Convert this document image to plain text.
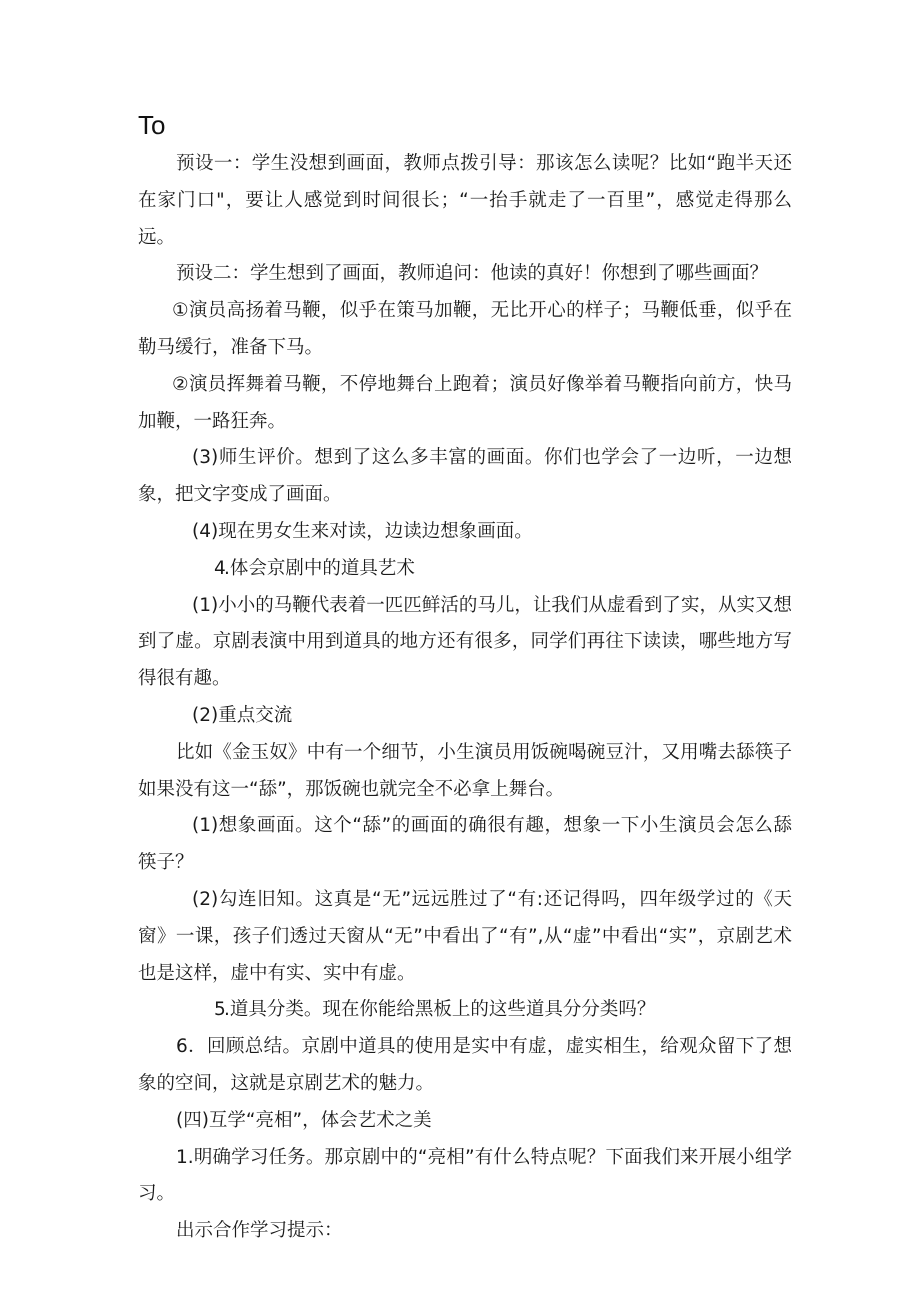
To

预设一：学生没想到画面，教师点拨引导：那该怎么读呢？比如“跑半天还在家门口"，要让人感觉到时间很长；“一抬手就走了一百里”，感觉走得那么远。

预设二：学生想到了画面，教师追问：他读的真好！你想到了哪些画面？

①演员高扬着马鞭，似乎在策马加鞭，无比开心的样子；马鞭低垂，似乎在勒马缓行，准备下马。

②演员挥舞着马鞭，不停地舞台上跑着；演员好像举着马鞭指向前方，快马加鞭，一路狂奔。

(3)师生评价。想到了这么多丰富的画面。你们也学会了一边听，一边想象，把文字变成了画面。

(4)现在男女生来对读，边读边想象画面。

4.体会京剧中的道具艺术

(1)小小的马鞭代表着一匹匹鲜活的马儿，让我们从虚看到了实，从实又想到了虚。京剧表演中用到道具的地方还有很多，同学们再往下读读，哪些地方写得很有趣。

(2)重点交流

比如《金玉奴》中有一个细节，小生演员用饭碗喝碗豆汁，又用嘴去舔筷子如果没有这一“舔”，那饭碗也就完全不必拿上舞台。

(1)想象画面。这个“舔”的画面的确很有趣，想象一下小生演员会怎么舔筷子？

(2)勾连旧知。这真是“无”远远胜过了“有:还记得吗，四年级学过的《天窗》一课，孩子们透过天窗从“无”中看出了“有”,从“虚”中看出“实”，京剧艺术也是这样，虚中有实、实中有虚。

5.道具分类。现在你能给黑板上的这些道具分分类吗？

6．回顾总结。京剧中道具的使用是实中有虚，虚实相生，给观众留下了想象的空间，这就是京剧艺术的魅力。

(四)互学“亮相”，体会艺术之美

1.明确学习任务。那京剧中的“亮相”有什么特点呢？下面我们来开展小组学习。

出示合作学习提示：
